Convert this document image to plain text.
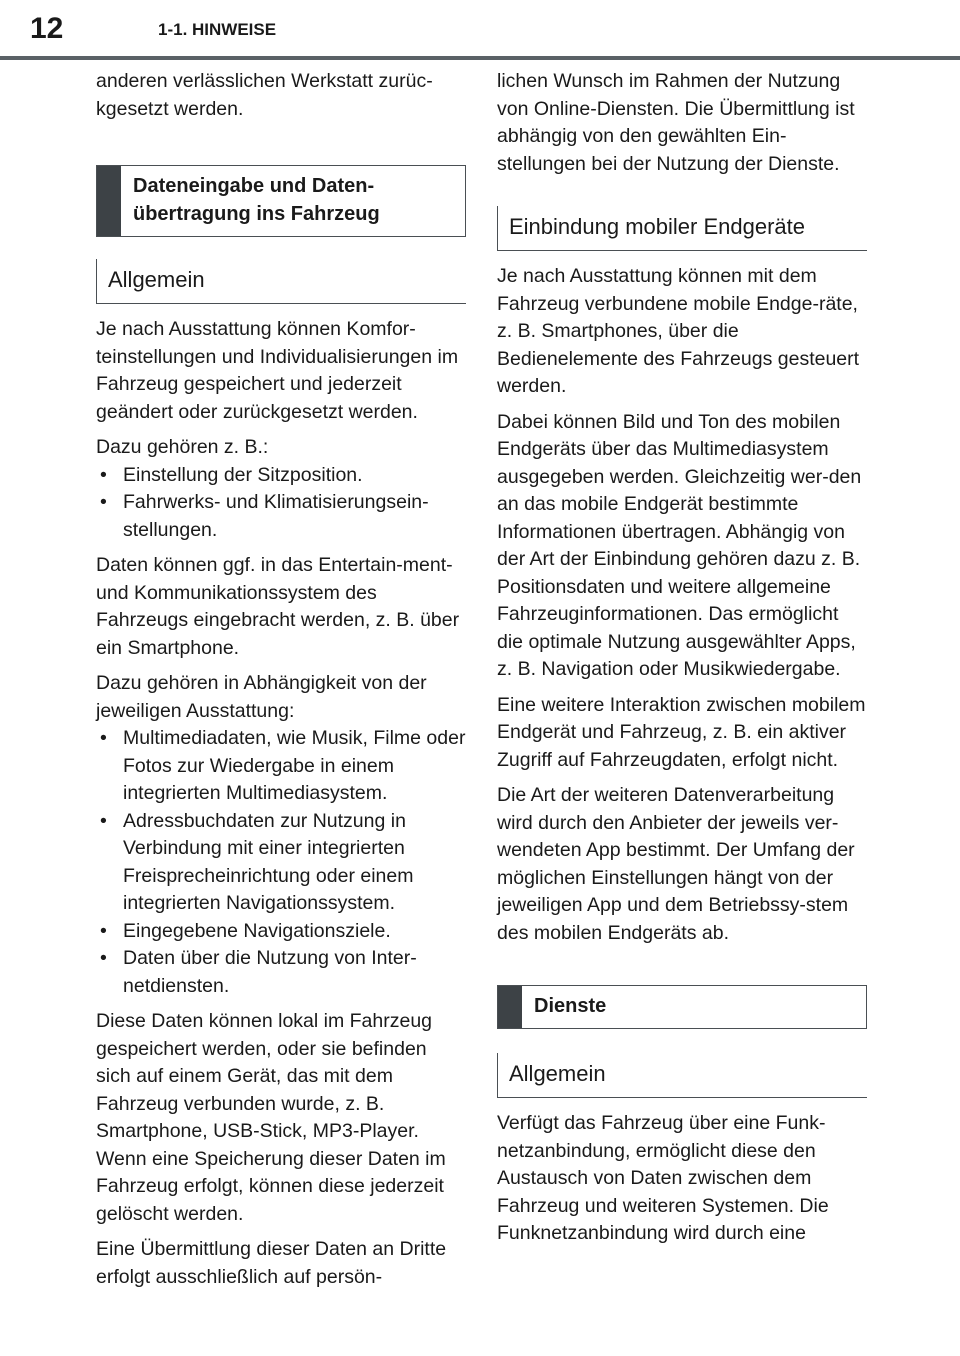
12	1-1. HINWEISE

anderen verlässlichen Werkstatt zurüc-kgesetzt werden.

Dateneingabe und Daten-
übertragung ins Fahrzeug
Allgemein

Je nach Ausstattung können Komfor-teinstellungen und Individualisierungen im Fahrzeug gespeichert und jederzeit geändert oder zurückgesetzt werden.

Dazu gehören z. B.:

• Einstellung der Sitzposition.
• Fahrwerks- und Klimatisierungsein-stellungen.

Daten können ggf. in das Entertain-ment- und Kommunikationssystem des Fahrzeugs eingebracht werden, z. B. über ein Smartphone.

Dazu gehören in Abhängigkeit von der jeweiligen Ausstattung:

• Multimediadaten, wie Musik, Filme oder Fotos zur Wiedergabe in einem integrierten Multimediasystem.
• Adressbuchdaten zur Nutzung in Verbindung mit einer integrierten Freisprecheinrichtung oder einem integrierten Navigationssystem.
• Eingegebene Navigationsziele.
• Daten über die Nutzung von Inter-netdiensten.

Diese Daten können lokal im Fahrzeug gespeichert werden, oder sie befinden sich auf einem Gerät, das mit dem Fahrzeug verbunden wurde, z. B. Smartphone, USB-Stick, MP3-Player. Wenn eine Speicherung dieser Daten im Fahrzeug erfolgt, können diese jederzeit gelöscht werden.

Eine Übermittlung dieser Daten an Dritte erfolgt ausschließlich auf persön-

lichen Wunsch im Rahmen der Nutzung von Online-Diensten. Die Übermittlung ist abhängig von den gewählten Ein-stellungen bei der Nutzung der Dienste.

Einbindung mobiler Endgeräte

Je nach Ausstattung können mit dem Fahrzeug verbundene mobile Endge-räte, z. B. Smartphones, über die Bedienelemente des Fahrzeugs gesteuert werden.

Dabei können Bild und Ton des mobilen Endgeräts über das Multimediasystem ausgegeben werden. Gleichzeitig wer-den an das mobile Endgerät bestimmte Informationen übertragen. Abhängig von der Art der Einbindung gehören dazu z. B. Positionsdaten und weitere allgemeine Fahrzeuginformationen. Das ermöglicht die optimale Nutzung ausgewählter Apps, z. B. Navigation oder Musikwiedergabe.

Eine weitere Interaktion zwischen mobilem Endgerät und Fahrzeug, z. B. ein aktiver Zugriff auf Fahrzeugdaten, erfolgt nicht.

Die Art der weiteren Datenverarbeitung wird durch den Anbieter der jeweils ver-wendeten App bestimmt. Der Umfang der möglichen Einstellungen hängt von der jeweiligen App und dem Betriebssy-stem des mobilen Endgeräts ab.

Dienste
Allgemein

Verfügt das Fahrzeug über eine Funk-netzanbindung, ermöglicht diese den Austausch von Daten zwischen dem Fahrzeug und weiteren Systemen. Die Funknetzanbindung wird durch eine
